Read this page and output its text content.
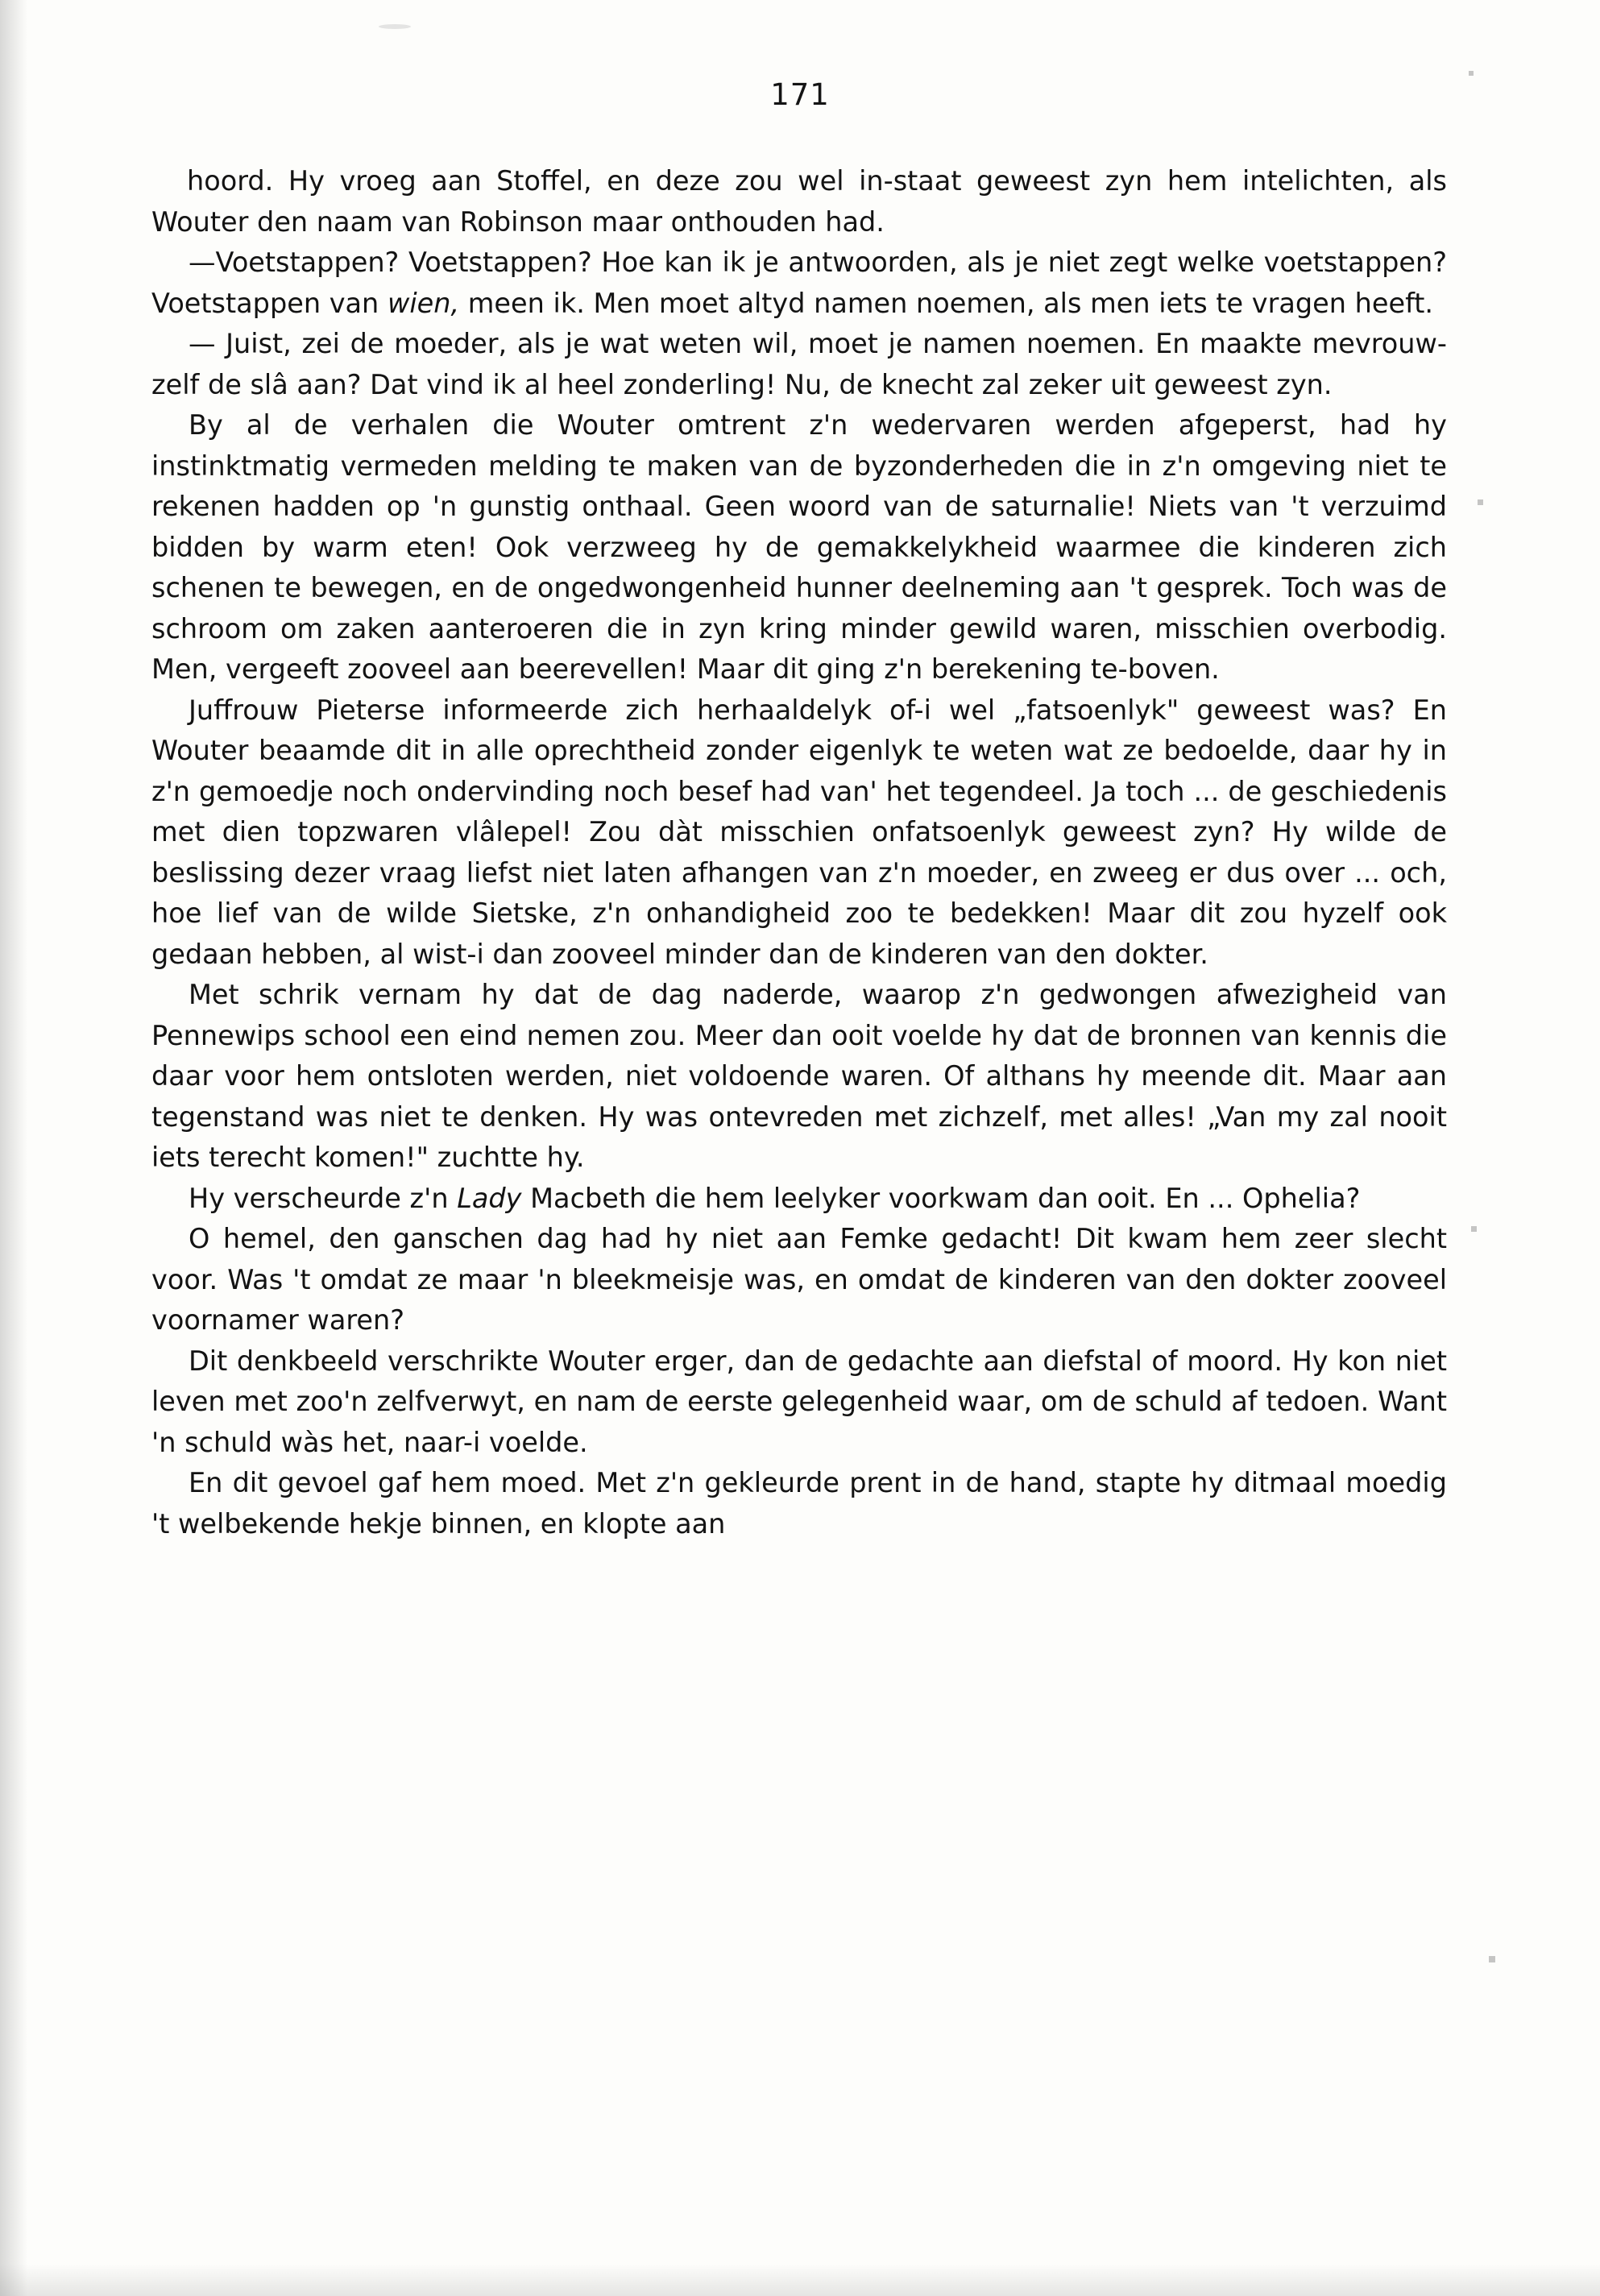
171

hoord. Hy vroeg aan Stoffel, en deze zou wel in-staat geweest zyn hem intelichten, als Wouter den naam van Robinson maar onthouden had.

—Voetstappen? Voetstappen? Hoe kan ik je antwoorden, als je niet zegt welke voetstappen? Voetstappen van wien, meen ik. Men moet altyd namen noemen, als men iets te vragen heeft.

— Juist, zei de moeder, als je wat weten wil, moet je namen noemen. En maakte mevrouw-zelf de slâ aan? Dat vind ik al heel zonderling! Nu, de knecht zal zeker uit geweest zyn.

By al de verhalen die Wouter omtrent z'n wedervaren werden afgeperst, had hy instinktmatig vermeden melding te maken van de byzonderheden die in z'n omgeving niet te rekenen hadden op 'n gunstig onthaal. Geen woord van de saturnalie! Niets van 't verzuimd bidden by warm eten! Ook verzweeg hy de gemakkelykheid waarmee die kinderen zich schenen te bewegen, en de ongedwongenheid hunner deelneming aan 't gesprek. Toch was de schroom om zaken aanteroeren die in zyn kring minder gewild waren, misschien overbodig. Men, vergeeft zooveel aan beerevellen! Maar dit ging z'n berekening te-boven.

Juffrouw Pieterse informeerde zich herhaaldelyk of-i wel „fatsoenlyk" geweest was? En Wouter beaamde dit in alle oprechtheid zonder eigenlyk te weten wat ze bedoelde, daar hy in z'n gemoedje noch ondervinding noch besef had van' het tegendeel. Ja toch ... de geschiedenis met dien topzwaren vlâlepel! Zou dàt misschien onfatsoenlyk geweest zyn? Hy wilde de beslissing dezer vraag liefst niet laten afhangen van z'n moeder, en zweeg er dus over ... och, hoe lief van de wilde Sietske, z'n onhandigheid zoo te bedekken! Maar dit zou hyzelf ook gedaan hebben, al wist-i dan zooveel minder dan de kinderen van den dokter.

Met schrik vernam hy dat de dag naderde, waarop z'n gedwongen afwezigheid van Pennewips school een eind nemen zou. Meer dan ooit voelde hy dat de bronnen van kennis die daar voor hem ontsloten werden, niet voldoende waren. Of althans hy meende dit. Maar aan tegenstand was niet te denken. Hy was ontevreden met zichzelf, met alles! „Van my zal nooit iets terecht komen!" zuchtte hy.

Hy verscheurde z'n Lady Macbeth die hem leelyker voorkwam dan ooit. En ... Ophelia?

O hemel, den ganschen dag had hy niet aan Femke gedacht! Dit kwam hem zeer slecht voor. Was 't omdat ze maar 'n bleekmeisje was, en omdat de kinderen van den dokter zooveel voornamer waren?

Dit denkbeeld verschrikte Wouter erger, dan de gedachte aan diefstal of moord. Hy kon niet leven met zoo'n zelfverwyt, en nam de eerste gelegenheid waar, om de schuld af tedoen. Want 'n schuld wàs het, naar-i voelde.

En dit gevoel gaf hem moed. Met z'n gekleurde prent in de hand, stapte hy ditmaal moedig 't welbekende hekje binnen, en klopte aan
